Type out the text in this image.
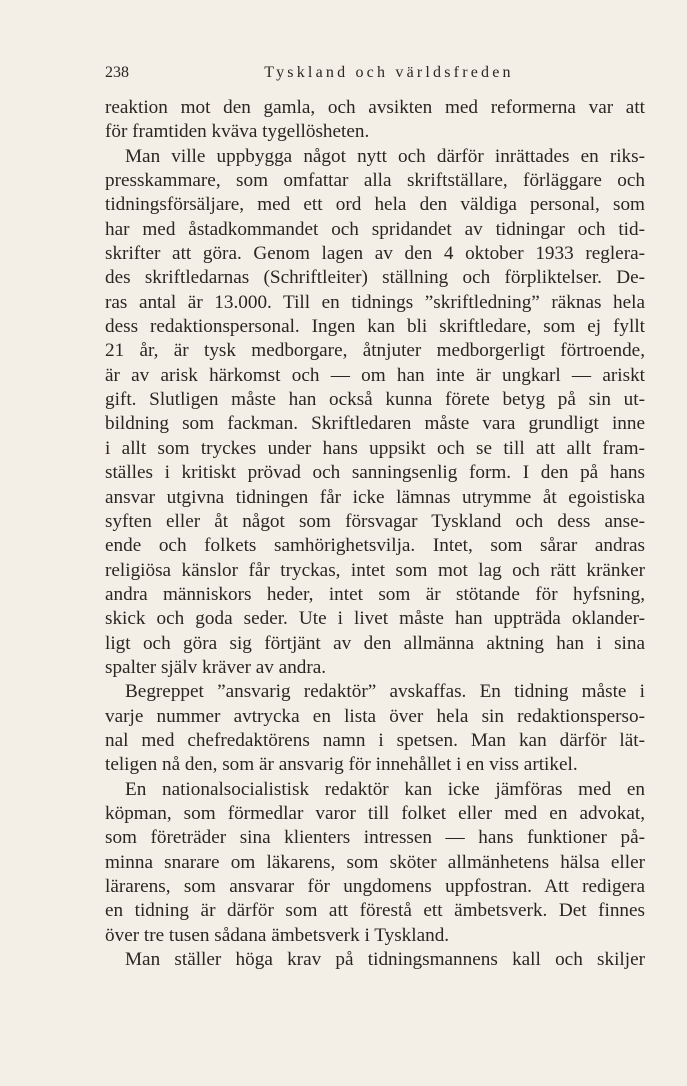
238	Tyskland och världsfreden
reaktion mot den gamla, och avsikten med reformerna var att
för framtiden kväva tygellösheten.
Man ville uppbygga något nytt och därför inrättades en riks-
presskammare, som omfattar alla skriftställare, förläggare och
tidningsförsäljare, med ett ord hela den väldiga personal, som
har med åstadkommandet och spridandet av tidningar och tid-
skrifter att göra. Genom lagen av den 4 oktober 1933 reglera-
des skriftledarnas (Schriftleiter) ställning och förpliktelser. De-
ras antal är 13.000. Till en tidnings ”skriftledning” räknas hela
dess redaktionspersonal. Ingen kan bli skriftledare, som ej fyllt
21 år, är tysk medborgare, åtnjuter medborgerligt förtroende,
är av arisk härkomst och — om han inte är ungkarl — ariskt
gift. Slutligen måste han också kunna förete betyg på sin ut-
bildning som fackman. Skriftledaren måste vara grundligt inne
i allt som tryckes under hans uppsikt och se till att allt fram-
ställes i kritiskt prövad och sanningsenlig form. I den på hans
ansvar utgivna tidningen får icke lämnas utrymme åt egoistiska
syften eller åt något som försvagar Tyskland och dess anse-
ende och folkets samhörighetsvilja. Intet, som sårar andras
religiösa känslor får tryckas, intet som mot lag och rätt kränker
andra människors heder, intet som är stötande för hyfsning,
skick och goda seder. Ute i livet måste han uppträda oklander-
ligt och göra sig förtjänt av den allmänna aktning han i sina
spalter själv kräver av andra.
Begreppet ”ansvarig redaktör” avskaffas. En tidning måste i
varje nummer avtrycka en lista över hela sin redaktionsperso-
nal med chefredaktörens namn i spetsen. Man kan därför lät-
teligen nå den, som är ansvarig för innehållet i en viss artikel.
En nationalsocialistisk redaktör kan icke jämföras med en
köpman, som förmedlar varor till folket eller med en advokat,
som företräder sina klienters intressen — hans funktioner på-
minna snarare om läkarens, som sköter allmänhetens hälsa eller
lärarens, som ansvarar för ungdomens uppfostran. Att redigera
en tidning är därför som att förestå ett ämbetsverk. Det finnes
över tre tusen sådana ämbetsverk i Tyskland.
Man ställer höga krav på tidningsmannens kall och skiljer
